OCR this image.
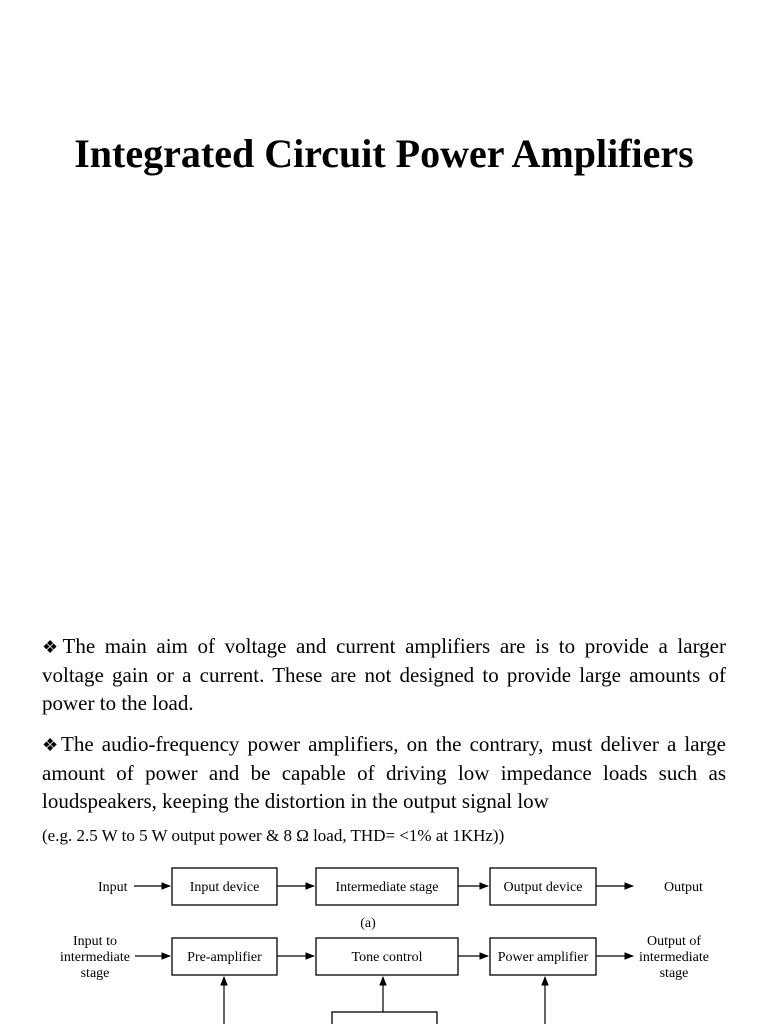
Integrated Circuit Power Amplifiers

❖The main aim of voltage and current amplifiers are is to provide a larger voltage gain or a current. These are not designed to provide large amounts of power to the load.

❖The audio-frequency power amplifiers, on the contrary, must deliver a large amount of power and be capable of driving low impedance loads such as loudspeakers, keeping the distortion in the output signal low

(e.g. 2.5 W to 5 W output power & 8 Ω load, THD= <1% at 1KHz))

Input	Input device	Intermediate stage	Output device	Output
(a)
Input to
intermediate
stage
Pre-amplifier	Tone control	Power amplifier
Output of
intermediate
stage
